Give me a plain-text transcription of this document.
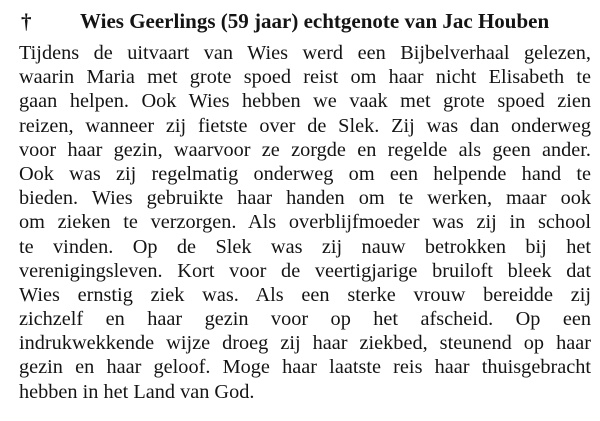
† Wies Geerlings (59 jaar) echtgenote van Jac Houben
Tijdens de uitvaart van Wies werd een Bijbelverhaal gelezen,
waarin Maria met grote spoed reist om haar nicht Elisabeth te
gaan helpen. Ook Wies hebben we vaak met grote spoed zien
reizen, wanneer zij fietste over de Slek. Zij was dan onderweg
voor haar gezin, waarvoor ze zorgde en regelde als geen ander.
Ook was zij regelmatig onderweg om een helpende hand te
bieden. Wies gebruikte haar handen om te werken, maar ook
om zieken te verzorgen. Als overblijfmoeder was zij in school
te vinden. Op de Slek was zij nauw betrokken bij het
verenigingsleven. Kort voor de veertigjarige bruiloft bleek dat
Wies ernstig ziek was. Als een sterke vrouw bereidde zij
zichzelf en haar gezin voor op het afscheid. Op een
indrukwekkende wijze droeg zij haar ziekbed, steunend op haar
gezin en haar geloof. Moge haar laatste reis haar thuisgebracht
hebben in het Land van God.
